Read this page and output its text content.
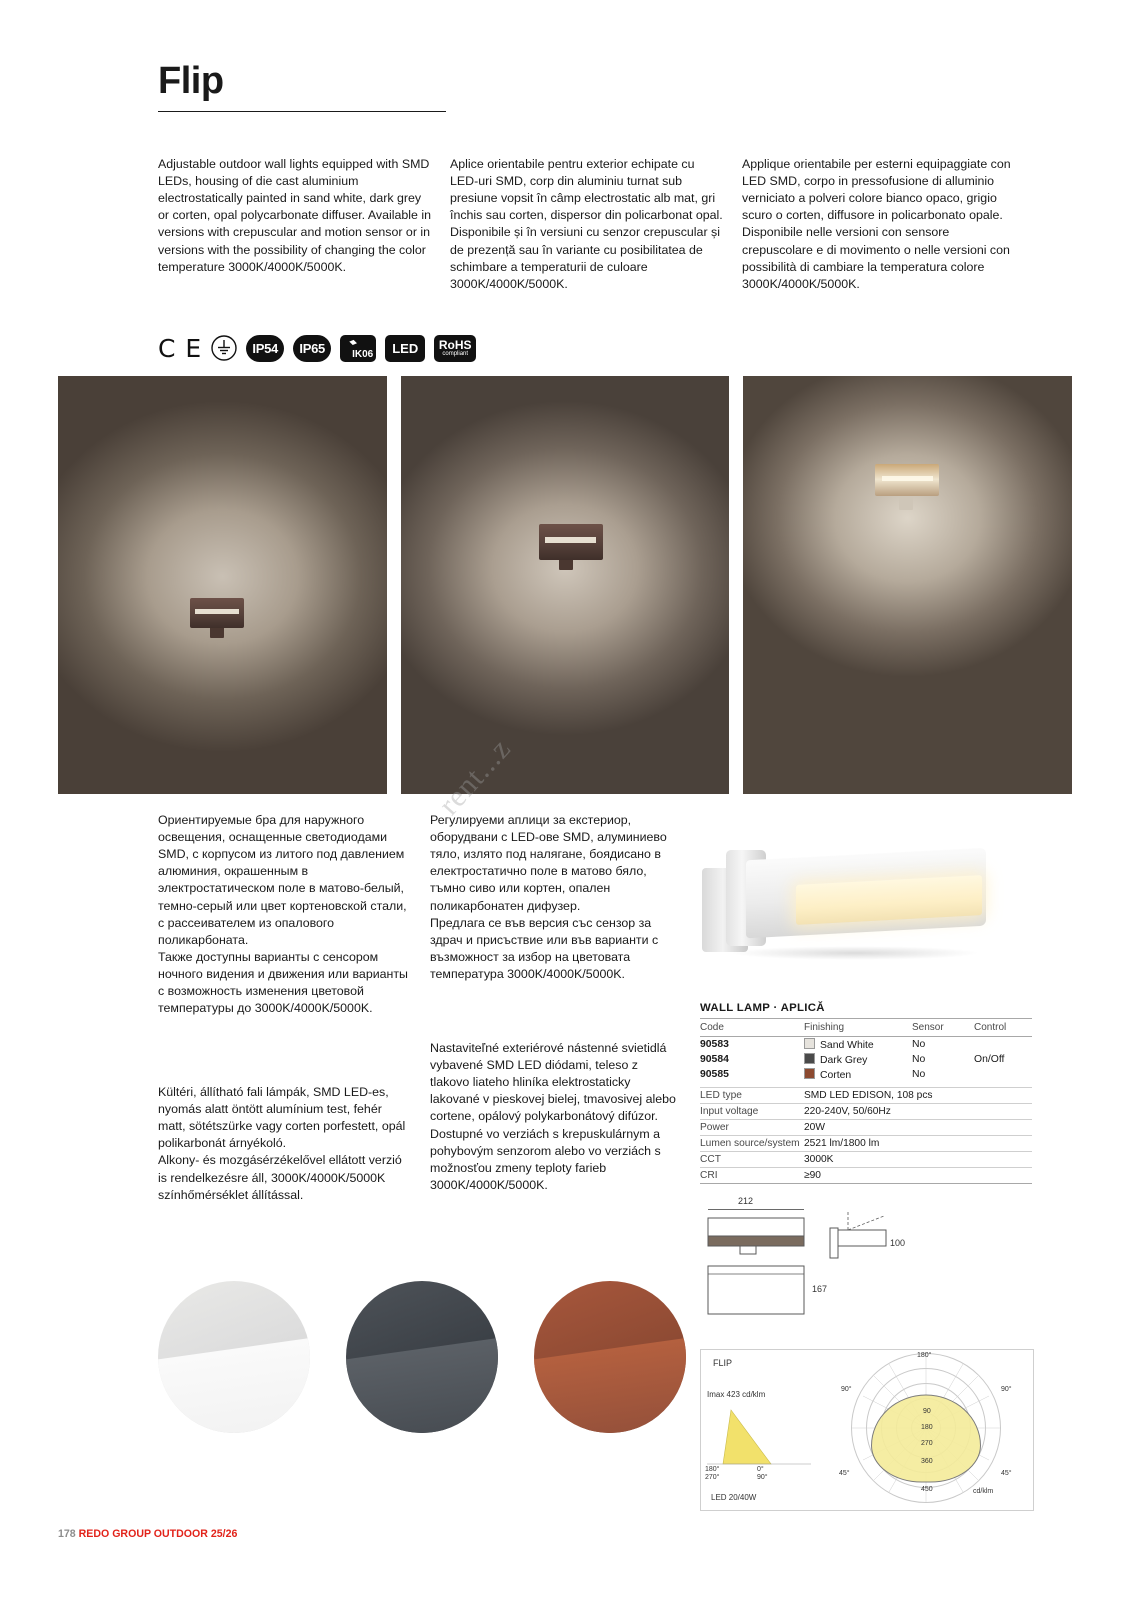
Flip
Adjustable outdoor wall lights equipped with SMD LEDs, housing of die cast aluminium electrostatically painted in sand white, dark grey or corten, opal polycarbonate diffuser. Available in versions with crepuscular and motion sensor or in versions with the possibility of changing the color temperature 3000K/4000K/5000K.
Aplice orientabile pentru exterior echipate cu LED-uri SMD, corp din aluminiu turnat sub presiune vopsit în câmp electrostatic alb mat, gri închis sau corten, dispersor din policarbonat opal.
Disponibile și în versiuni cu senzor crepuscular și de prezență sau în variante cu posibilitatea de schimbare a temperaturii de culoare 3000K/4000K/5000K.
Applique orientabile per esterni equipaggiate con LED SMD, corpo in pressofusione di alluminio verniciato a polveri colore bianco opaco, grigio scuro o corten, diffusore in policarbonato opale.
Disponibile nelle versioni con sensore crepuscolare e di movimento o nelle versioni con possibilità di cambiare la temperatura colore 3000K/4000K/5000K.
C E	IP54	IP65	IK06	LED	RoHS
compliant
rent...z
Ориентируемые бра для наружного освещения, оснащенные светодиодами SMD, с корпусом из литого под давлением алюминия, окрашенным в электростатическом поле в матово-белый, темно-серый или цвет кортеновской стали, с рассеивателем из опалового поликарбоната.
Также доступны варианты с сенсором ночного видения и движения или варианты с возможность изменения цветовой температуры до 3000K/4000K/5000K.
Kültéri, állítható fali lámpák, SMD LED-es, nyomás alatt öntött alumínium test, fehér matt, sötétszürke vagy corten porfestett, opál polikarbonát árnyékoló.
Alkony- és mozgásérzékelővel ellátott verzió is rendelkezésre áll, 3000K/4000K/5000K színhőmérséklet állítással.
Регулируеми аплици за екстериор, оборудвани с LED-ове SMD, алуминиево тяло, излято под налягане, боядисано в електростатично поле в матово бяло, тъмно сиво или кортен, опален поликарбонатен дифузер.
Предлага се във версия със сензор за здрач и присъствие или във варианти с възможност за избор на цветовата температура 3000K/4000K/5000K.
Nastaviteľné exteriérové nástenné svietidlá vybavené SMD LED diódami, teleso z tlakovo liateho hliníka elektrostaticky lakované v pieskovej bielej, tmavosivej alebo cortene, opálový polykarbonátový difúzor.
Dostupné vo verziách s krepuskulárnym a pohybovým senzorom alebo vo verziách s možnosťou zmeny teploty farieb 3000K/4000K/5000K.
WALL LAMP · APLICĂ
Code	Finishing	Sensor	Control
90583	Sand White	No	
90584	Dark Grey	No	On/Off
90585	Corten	No	
LED type	SMD LED EDISON, 108 pcs
Input voltage	220-240V, 50/60Hz
Power	20W
Lumen source/system	2521 lm/1800 lm
CCT	3000K
CRI	≥90
212
100
167
FLIP
Imax 423 cd/klm
180°
270°
0°
90°
LED 20/40W
180°
90°	90°
45°	45°
90
180
270
360
450	cd/klm
178 REDO GROUP OUTDOOR 25/26
